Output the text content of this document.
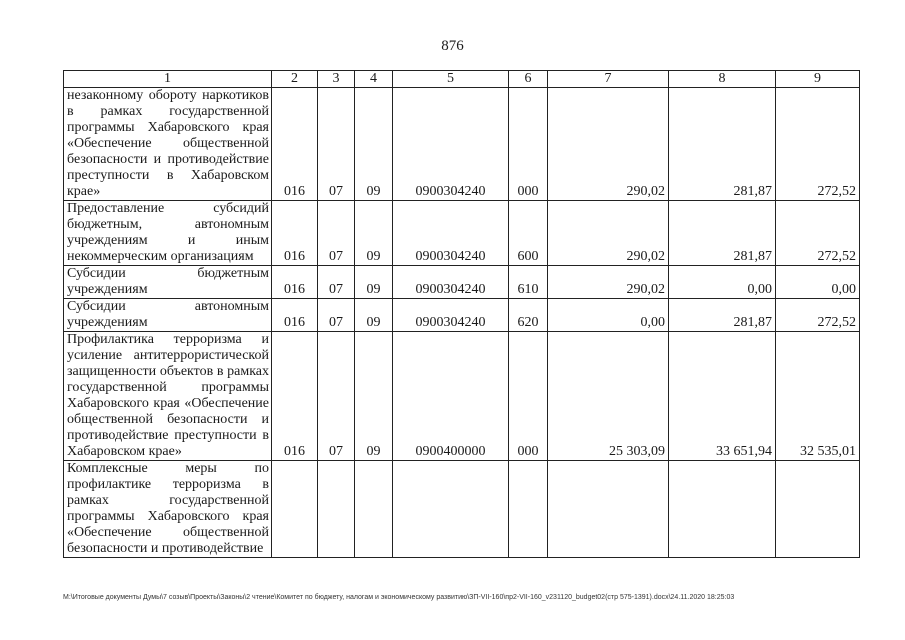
876
1	2	3	4	5	6	7	8	9
незаконному обороту наркотиков в рамках государственной программы Хабаровского края «Обеспечение общественной безопасности и противодействие преступности в Хабаровском крае»	016	07	09	0900304240	000	290,02	281,87	272,52
Предоставление субсидий бюджетным, автономным учреждениям и иным некоммерческим организациям	016	07	09	0900304240	600	290,02	281,87	272,52
Субсидии бюджетным учреждениям	016	07	09	0900304240	610	290,02	0,00	0,00
Субсидии автономным учреждениям	016	07	09	0900304240	620	0,00	281,87	272,52
Профилактика терроризма и усиление антитеррористической защищенности объектов в рамках государственной программы Хабаровского края «Обеспечение общественной безопасности и противодействие преступности в Хабаровском крае»	016	07	09	0900400000	000	25 303,09	33 651,94	32 535,01
Комплексные меры по профилактике терроризма в рамках государственной программы Хабаровского края «Обеспечение общественной безопасности и противодействие								
M:\Итоговые документы Думы\7 созыв\Проекты\Законы\2 чтение\Комитет по бюджету, налогам и экономическому развитию\ЗП-VII-160\пр2-VII-160_v231120_budget02(стр 575-1391).docx\24.11.2020 18:25:03
